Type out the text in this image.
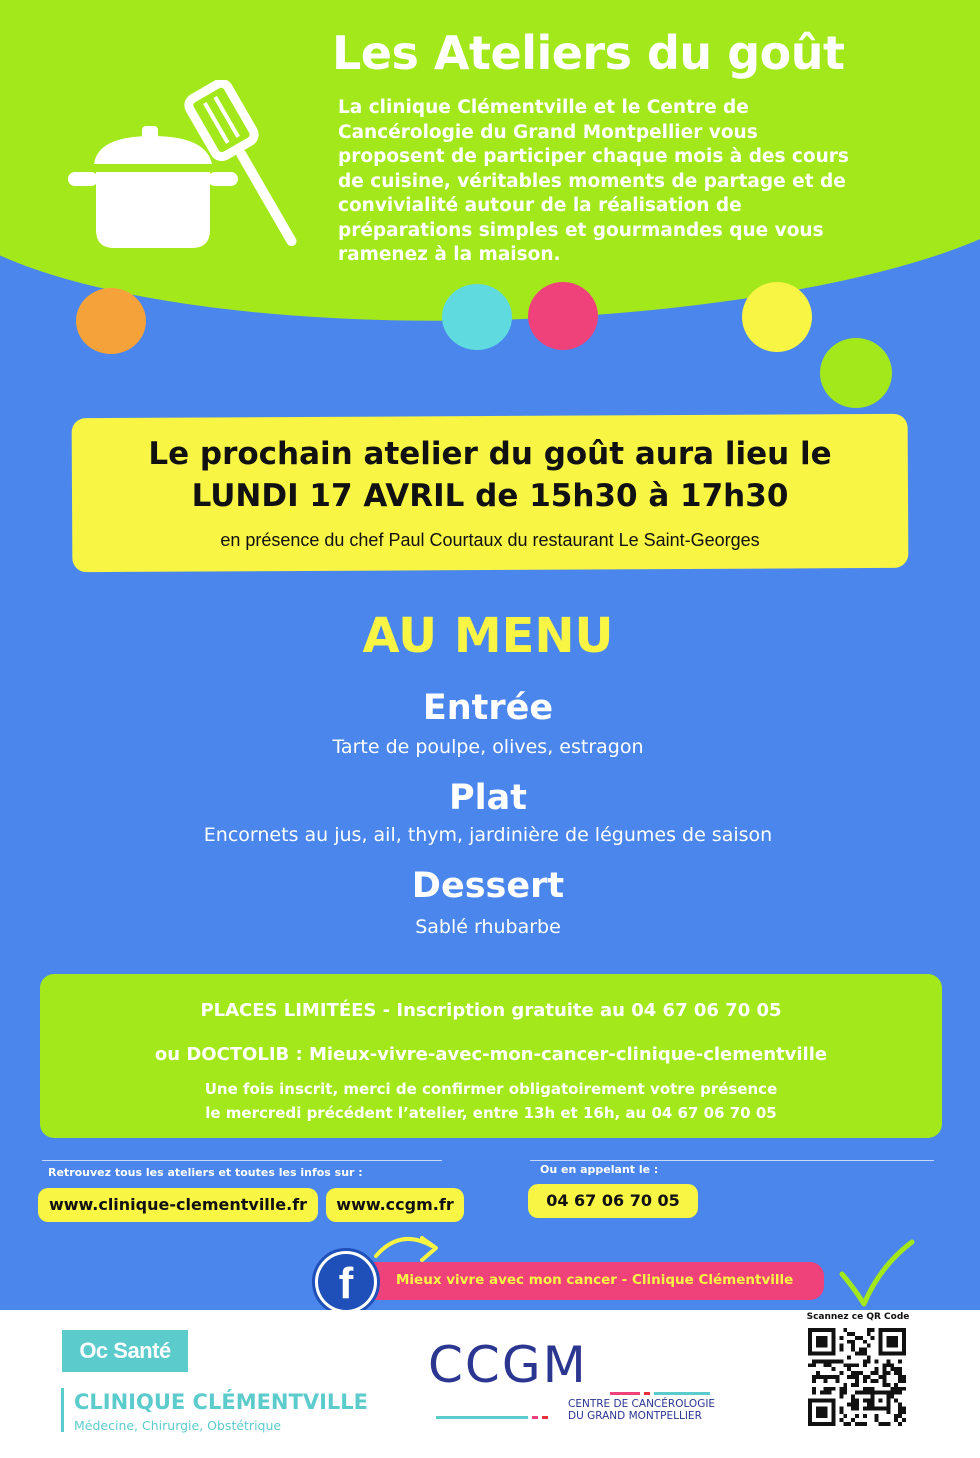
Les Ateliers du goût
La clinique Clémentville et le Centre de
Cancérologie du Grand Montpellier vous
proposent de participer chaque mois à des cours
de cuisine, véritables moments de partage et de
convivialité autour de la réalisation de
préparations simples et gourmandes que vous
ramenez à la maison.
Le prochain atelier du goût aura lieu le
LUNDI 17 AVRIL de 15h30 à 17h30
en présence du chef Paul Courtaux du restaurant Le Saint-Georges
AU MENU
Entrée
Tarte de poulpe, olives, estragon
Plat
Encornets au jus, ail, thym, jardinière de légumes de saison
Dessert
Sablé rhubarbe
PLACES LIMITÉES - Inscription gratuite au 04 67 06 70 05
ou DOCTOLIB : Mieux-vivre-avec-mon-cancer-clinique-clementville
Une fois inscrit, merci de confirmer obligatoirement votre présence
le mercredi précédent l’atelier, entre 13h et 16h, au 04 67 06 70 05
Retrouvez tous les ateliers et toutes les infos sur :	Ou en appelant le :
www.clinique-clementville.fr	www.ccgm.fr	04 67 06 70 05
Mieux vivre avec mon cancer - Clinique Clémentville
f
Oc Santé
CLINIQUE CLÉMENTVILLE
Médecine, Chirurgie, Obstétrique
CCGM
CENTRE DE CANCÉROLOGIE
DU GRAND MONTPELLIER
Scannez ce QR Code
